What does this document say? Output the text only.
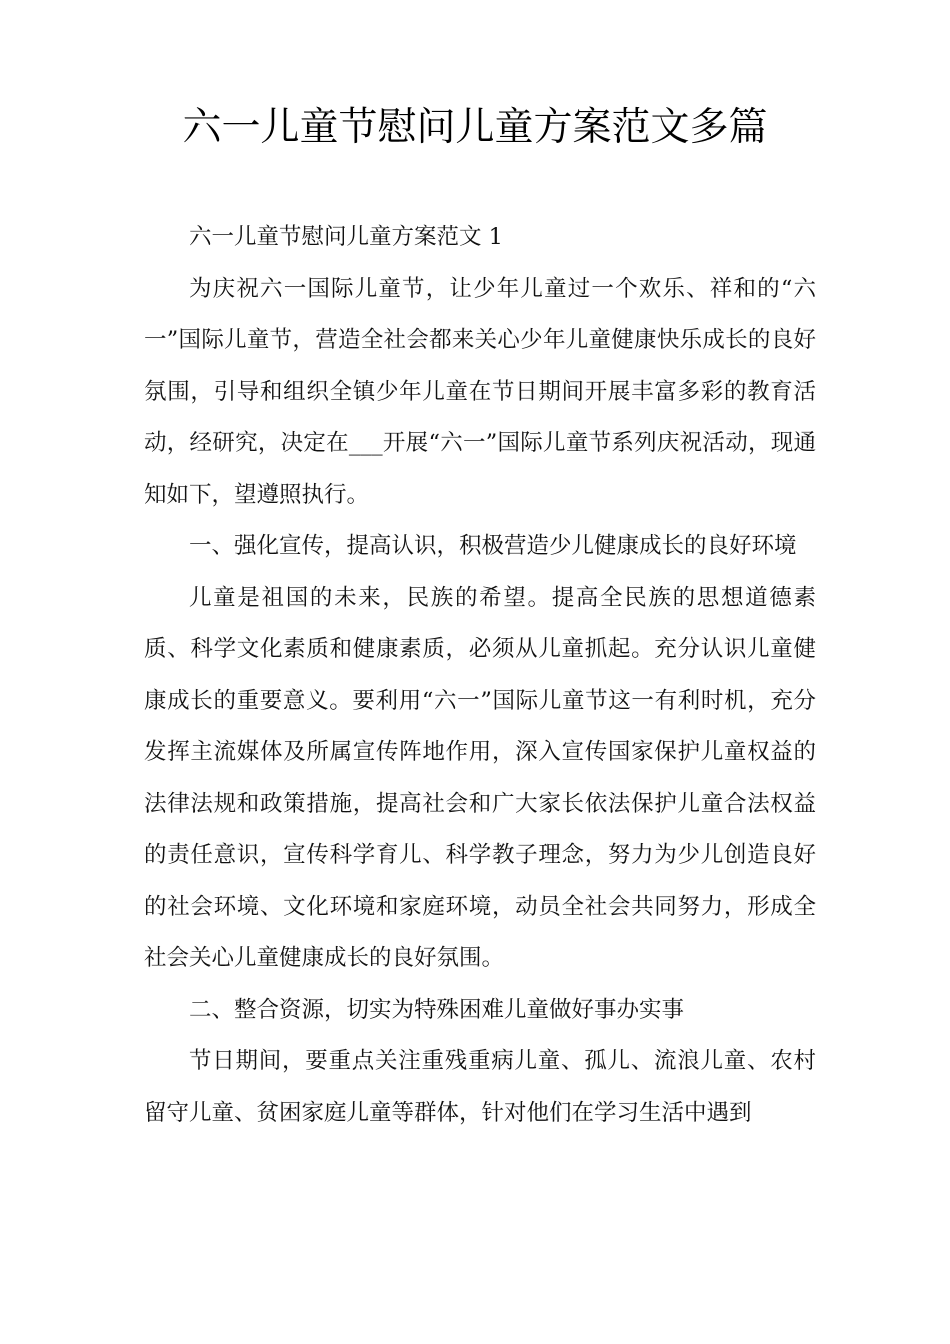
六一儿童节慰问儿童方案范文多篇

六一儿童节慰问儿童方案范文 1

为庆祝六一国际儿童节，让少年儿童过一个欢乐、祥和的“六一”国际儿童节，营造全社会都来关心少年儿童健康快乐成长的良好氛围，引导和组织全镇少年儿童在节日期间开展丰富多彩的教育活动，经研究，决定在___开展“六一”国际儿童节系列庆祝活动，现通知如下，望遵照执行。

一、强化宣传，提高认识，积极营造少儿健康成长的良好环境

儿童是祖国的未来，民族的希望。提高全民族的思想道德素质、科学文化素质和健康素质，必须从儿童抓起。充分认识儿童健康成长的重要意义。要利用“六一”国际儿童节这一有利时机，充分发挥主流媒体及所属宣传阵地作用，深入宣传国家保护儿童权益的法律法规和政策措施，提高社会和广大家长依法保护儿童合法权益的责任意识，宣传科学育儿、科学教子理念，努力为少儿创造良好的社会环境、文化环境和家庭环境，动员全社会共同努力，形成全社会关心儿童健康成长的良好氛围。

二、整合资源，切实为特殊困难儿童做好事办实事

节日期间，要重点关注重残重病儿童、孤儿、流浪儿童、农村留守儿童、贫困家庭儿童等群体，针对他们在学习生活中遇到
